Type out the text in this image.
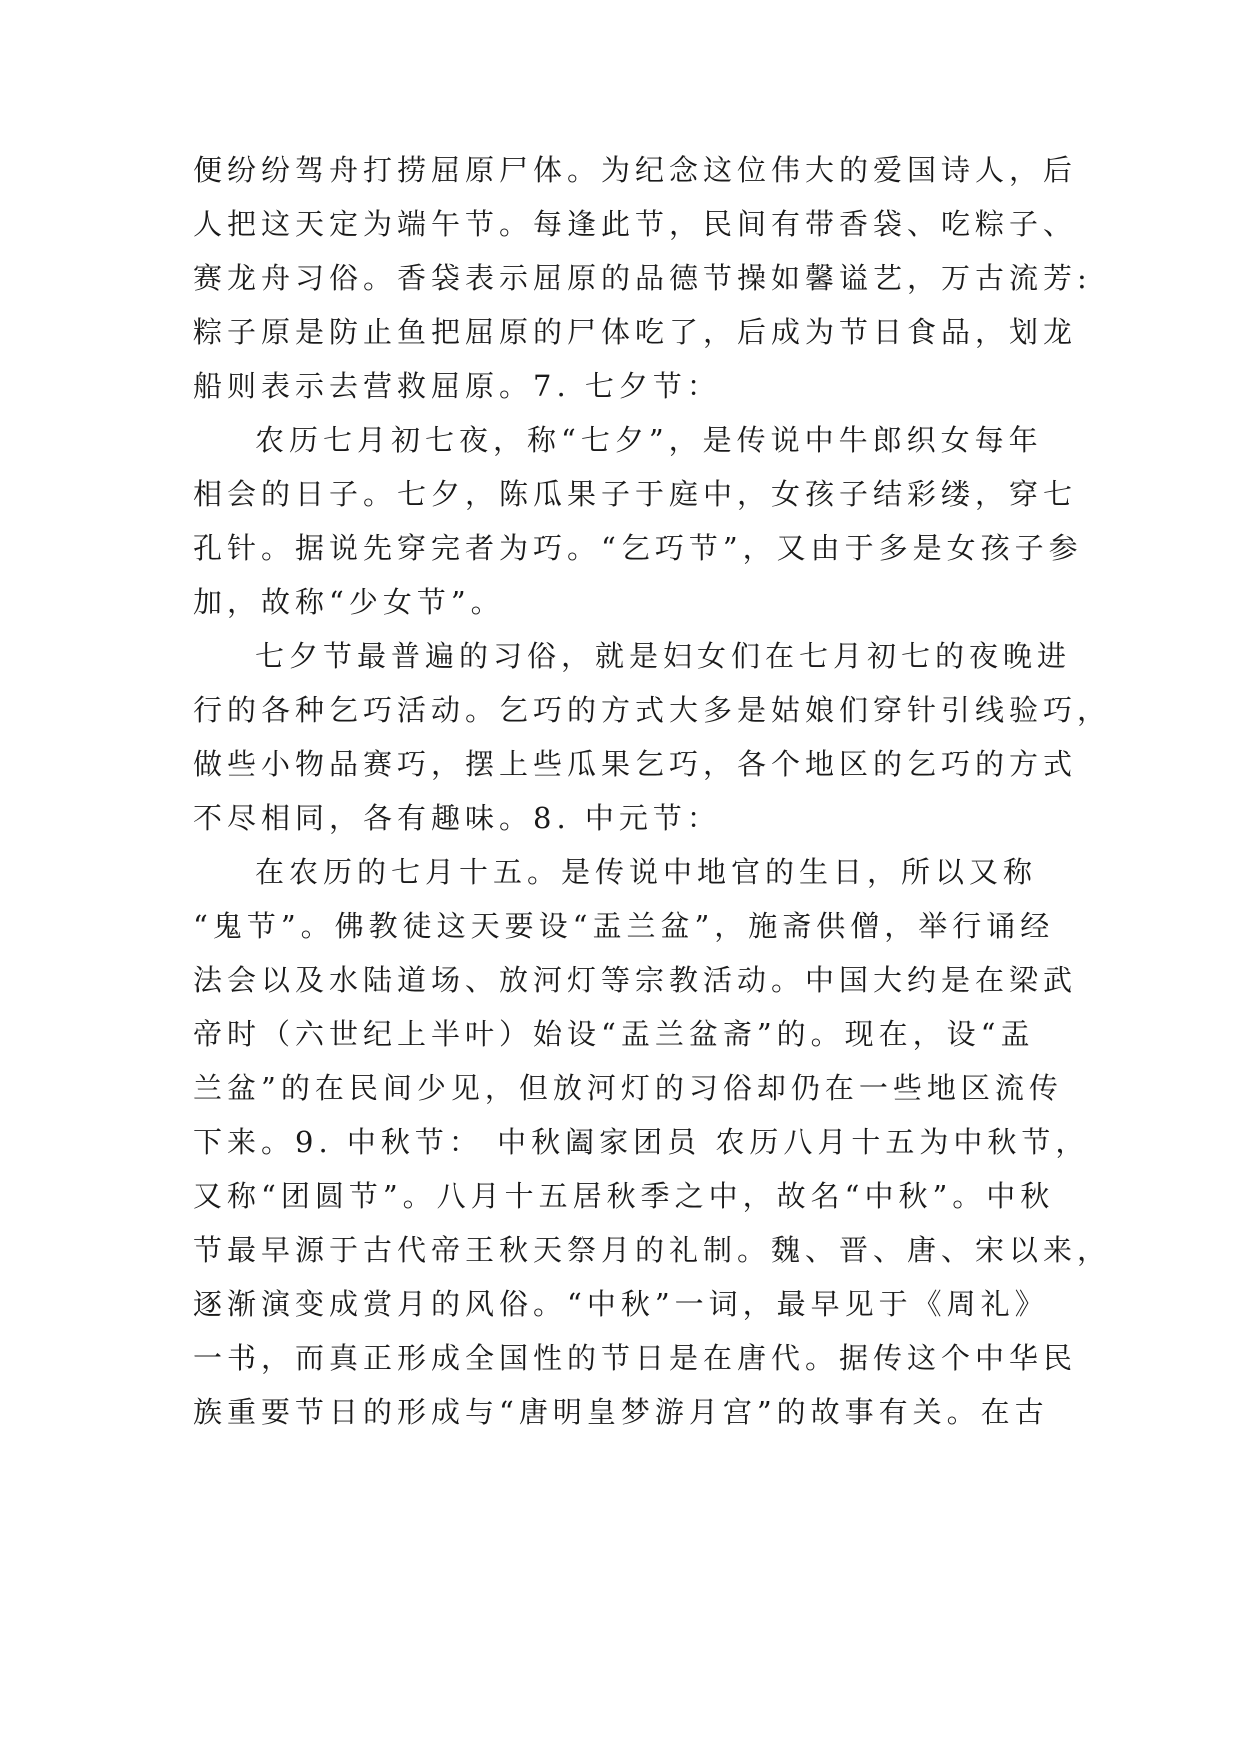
便纷纷驾舟打捞屈原尸体。为纪念这位伟大的爱国诗人，后
人把这天定为端午节。每逢此节，民间有带香袋、吃粽子、
赛龙舟习俗。香袋表示屈原的品德节操如馨谥艺，万古流芳:
粽子原是防止鱼把屈原的尸体吃了，后成为节日食品，划龙
船则表示去营救屈原。7. 七夕节：
农历七月初七夜，称“七夕”，是传说中牛郎织女每年
相会的日子。七夕，陈瓜果子于庭中，女孩子结彩缕，穿七
孔针。据说先穿完者为巧。“乞巧节”，又由于多是女孩子参
加，故称“少女节”。
七夕节最普遍的习俗，就是妇女们在七月初七的夜晚进
行的各种乞巧活动。乞巧的方式大多是姑娘们穿针引线验巧，
做些小物品赛巧，摆上些瓜果乞巧，各个地区的乞巧的方式
不尽相同，各有趣味。8. 中元节：
在农历的七月十五。是传说中地官的生日，所以又称
“鬼节”。佛教徒这天要设“盂兰盆”，施斋供僧，举行诵经
法会以及水陆道场、放河灯等宗教活动。中国大约是在梁武
帝时（六世纪上半叶）始设“盂兰盆斋”的。现在，设“盂
兰盆”的在民间少见，但放河灯的习俗却仍在一些地区流传
下来。9. 中秋节： 中秋阖家团员 农历八月十五为中秋节，
又称“团圆节”。八月十五居秋季之中，故名“中秋”。中秋
节最早源于古代帝王秋天祭月的礼制。魏、晋、唐、宋以来，
逐渐演变成赏月的风俗。“中秋”一词，最早见于《周礼》
一书，而真正形成全国性的节日是在唐代。据传这个中华民
族重要节日的形成与“唐明皇梦游月宫”的故事有关。在古
